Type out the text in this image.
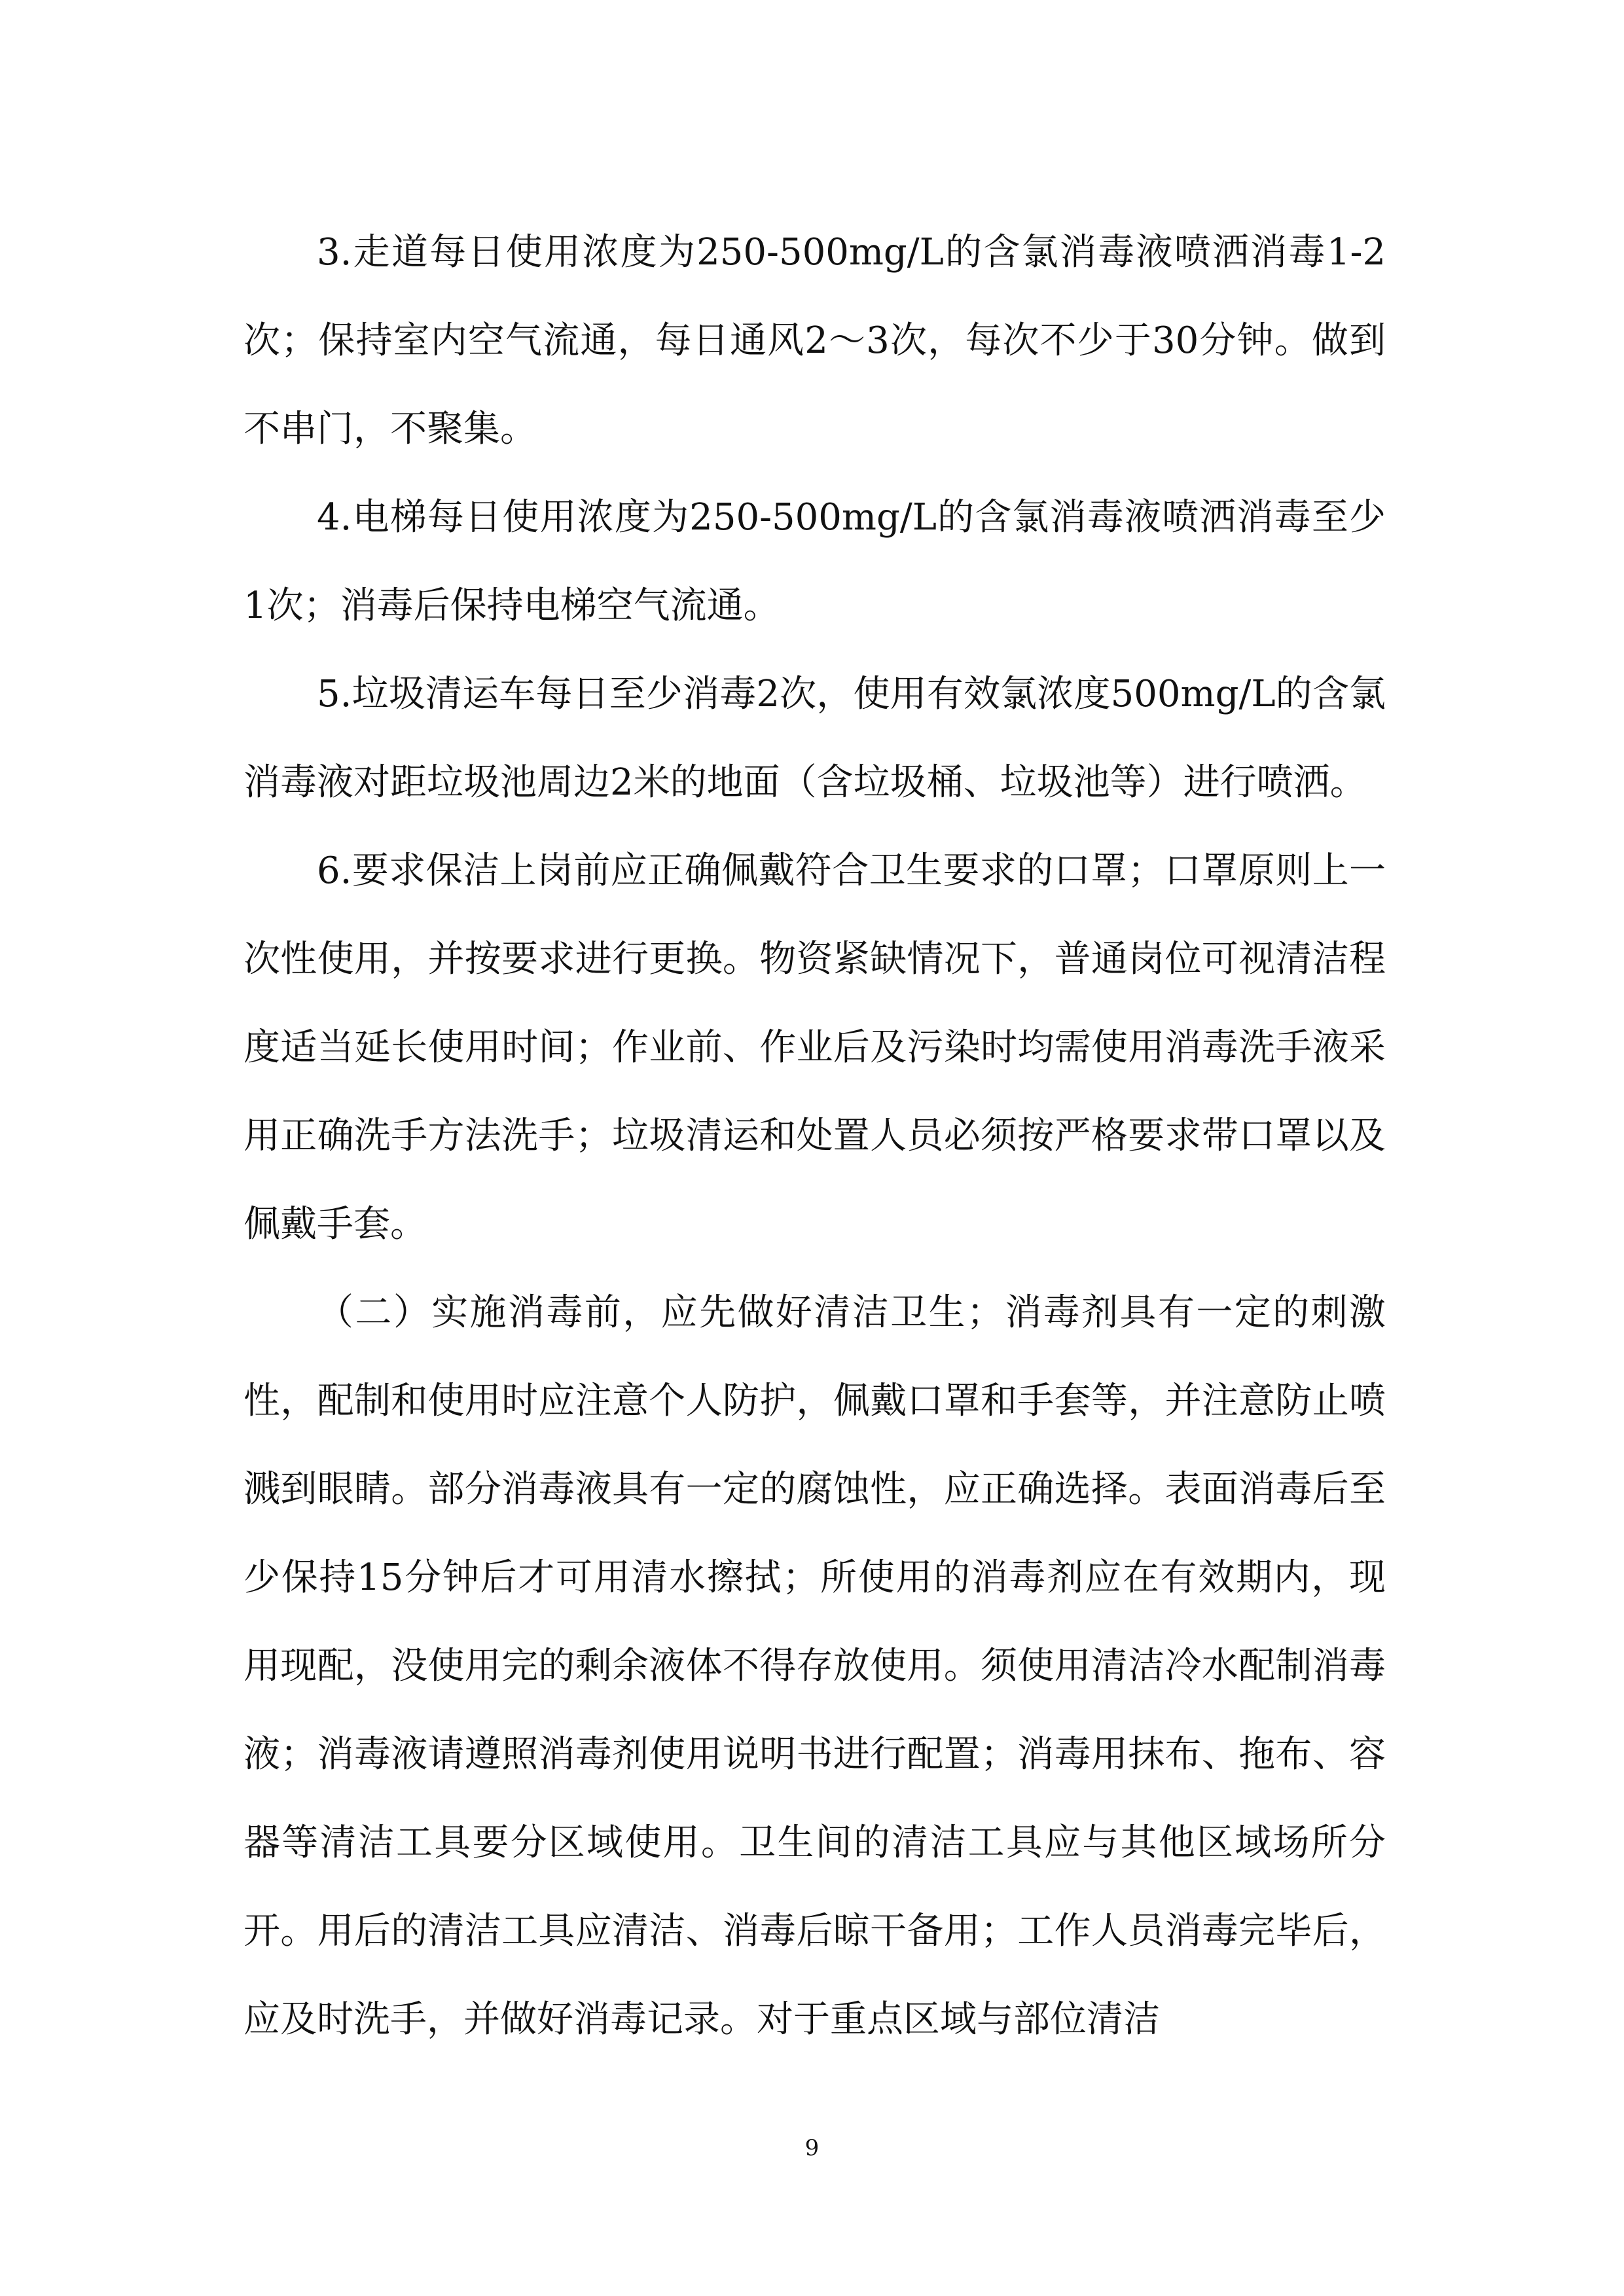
3.走道每日使用浓度为250-500mg/L的含氯消毒液喷洒消毒1-2次；保持室内空气流通，每日通风2～3次，每次不少于30分钟。做到不串门，不聚集。

4.电梯每日使用浓度为250-500mg/L的含氯消毒液喷洒消毒至少1次；消毒后保持电梯空气流通。

5.垃圾清运车每日至少消毒2次，使用有效氯浓度500mg/L的含氯消毒液对距垃圾池周边2米的地面（含垃圾桶、垃圾池等）进行喷洒。

6.要求保洁上岗前应正确佩戴符合卫生要求的口罩；口罩原则上一次性使用，并按要求进行更换。物资紧缺情况下，普通岗位可视清洁程度适当延长使用时间；作业前、作业后及污染时均需使用消毒洗手液采用正确洗手方法洗手；垃圾清运和处置人员必须按严格要求带口罩以及佩戴手套。

（二）实施消毒前，应先做好清洁卫生；消毒剂具有一定的刺激性，配制和使用时应注意个人防护，佩戴口罩和手套等，并注意防止喷溅到眼睛。部分消毒液具有一定的腐蚀性，应正确选择。表面消毒后至少保持15分钟后才可用清水擦拭；所使用的消毒剂应在有效期内，现用现配，没使用完的剩余液体不得存放使用。须使用清洁冷水配制消毒液；消毒液请遵照消毒剂使用说明书进行配置；消毒用抹布、拖布、容器等清洁工具要分区域使用。卫生间的清洁工具应与其他区域场所分开。用后的清洁工具应清洁、消毒后晾干备用；工作人员消毒完毕后，应及时洗手，并做好消毒记录。对于重点区域与部位清洁

9
